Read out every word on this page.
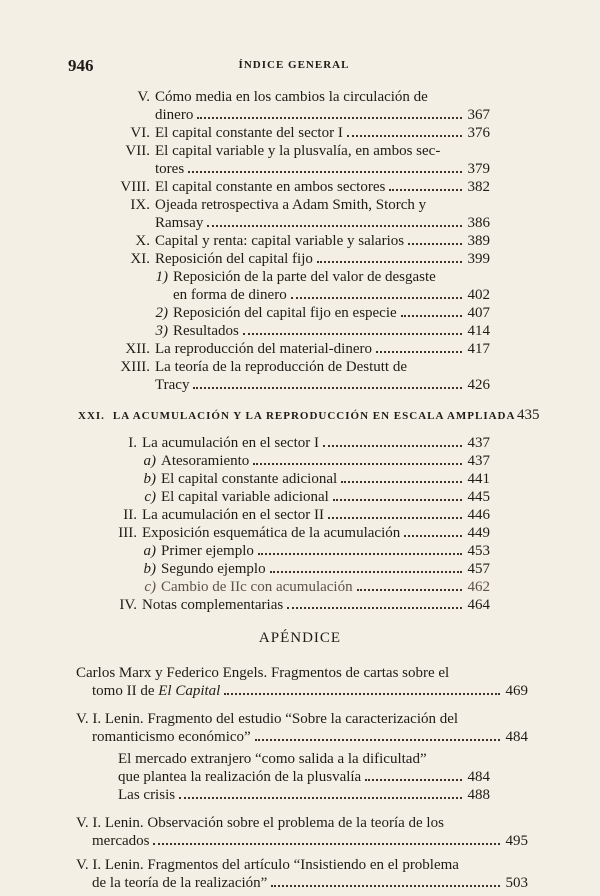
946	ÍNDICE GENERAL
V. Cómo media en los cambios la circulación de
dinero	367
VI. El capital constante del sector I	376
VII. El capital variable y la plusvalía, en ambos sec-
tores	379
VIII. El capital constante en ambos sectores	382
IX. Ojeada retrospectiva a Adam Smith, Storch y
Ramsay	386
X. Capital y renta: capital variable y salarios	389
XI. Reposición del capital fijo	399
1) Reposición de la parte del valor de desgaste
en forma de dinero	402
2) Reposición del capital fijo en especie	407
3) Resultados	414
XII. La reproducción del material-dinero	417
XIII. La teoría de la reproducción de Destutt de
Tracy	426
XXI. LA ACUMULACIÓN Y LA REPRODUCCIÓN EN ESCALA AMPLIADA 435
I. La acumulación en el sector I	437
a) Atesoramiento	437
b) El capital constante adicional	441
c) El capital variable adicional	445
II. La acumulación en el sector II	446
III. Exposición esquemática de la acumulación	449
a) Primer ejemplo	453
b) Segundo ejemplo	457
c) Cambio de IIc con acumulación	462
IV. Notas complementarias	464
APÉNDICE
Carlos Marx y Federico Engels. Fragmentos de cartas sobre el
tomo II de El Capital	469
V. I. Lenin. Fragmento del estudio “Sobre la caracterización del
romanticismo económico”	484
El mercado extranjero “como salida a la dificultad”
que plantea la realización de la plusvalía	484
Las crisis	488
V. I. Lenin. Observación sobre el problema de la teoría de los
mercados	495
V. I. Lenin. Fragmentos del artículo “Insistiendo en el problema
de la teoría de la realización”	503
